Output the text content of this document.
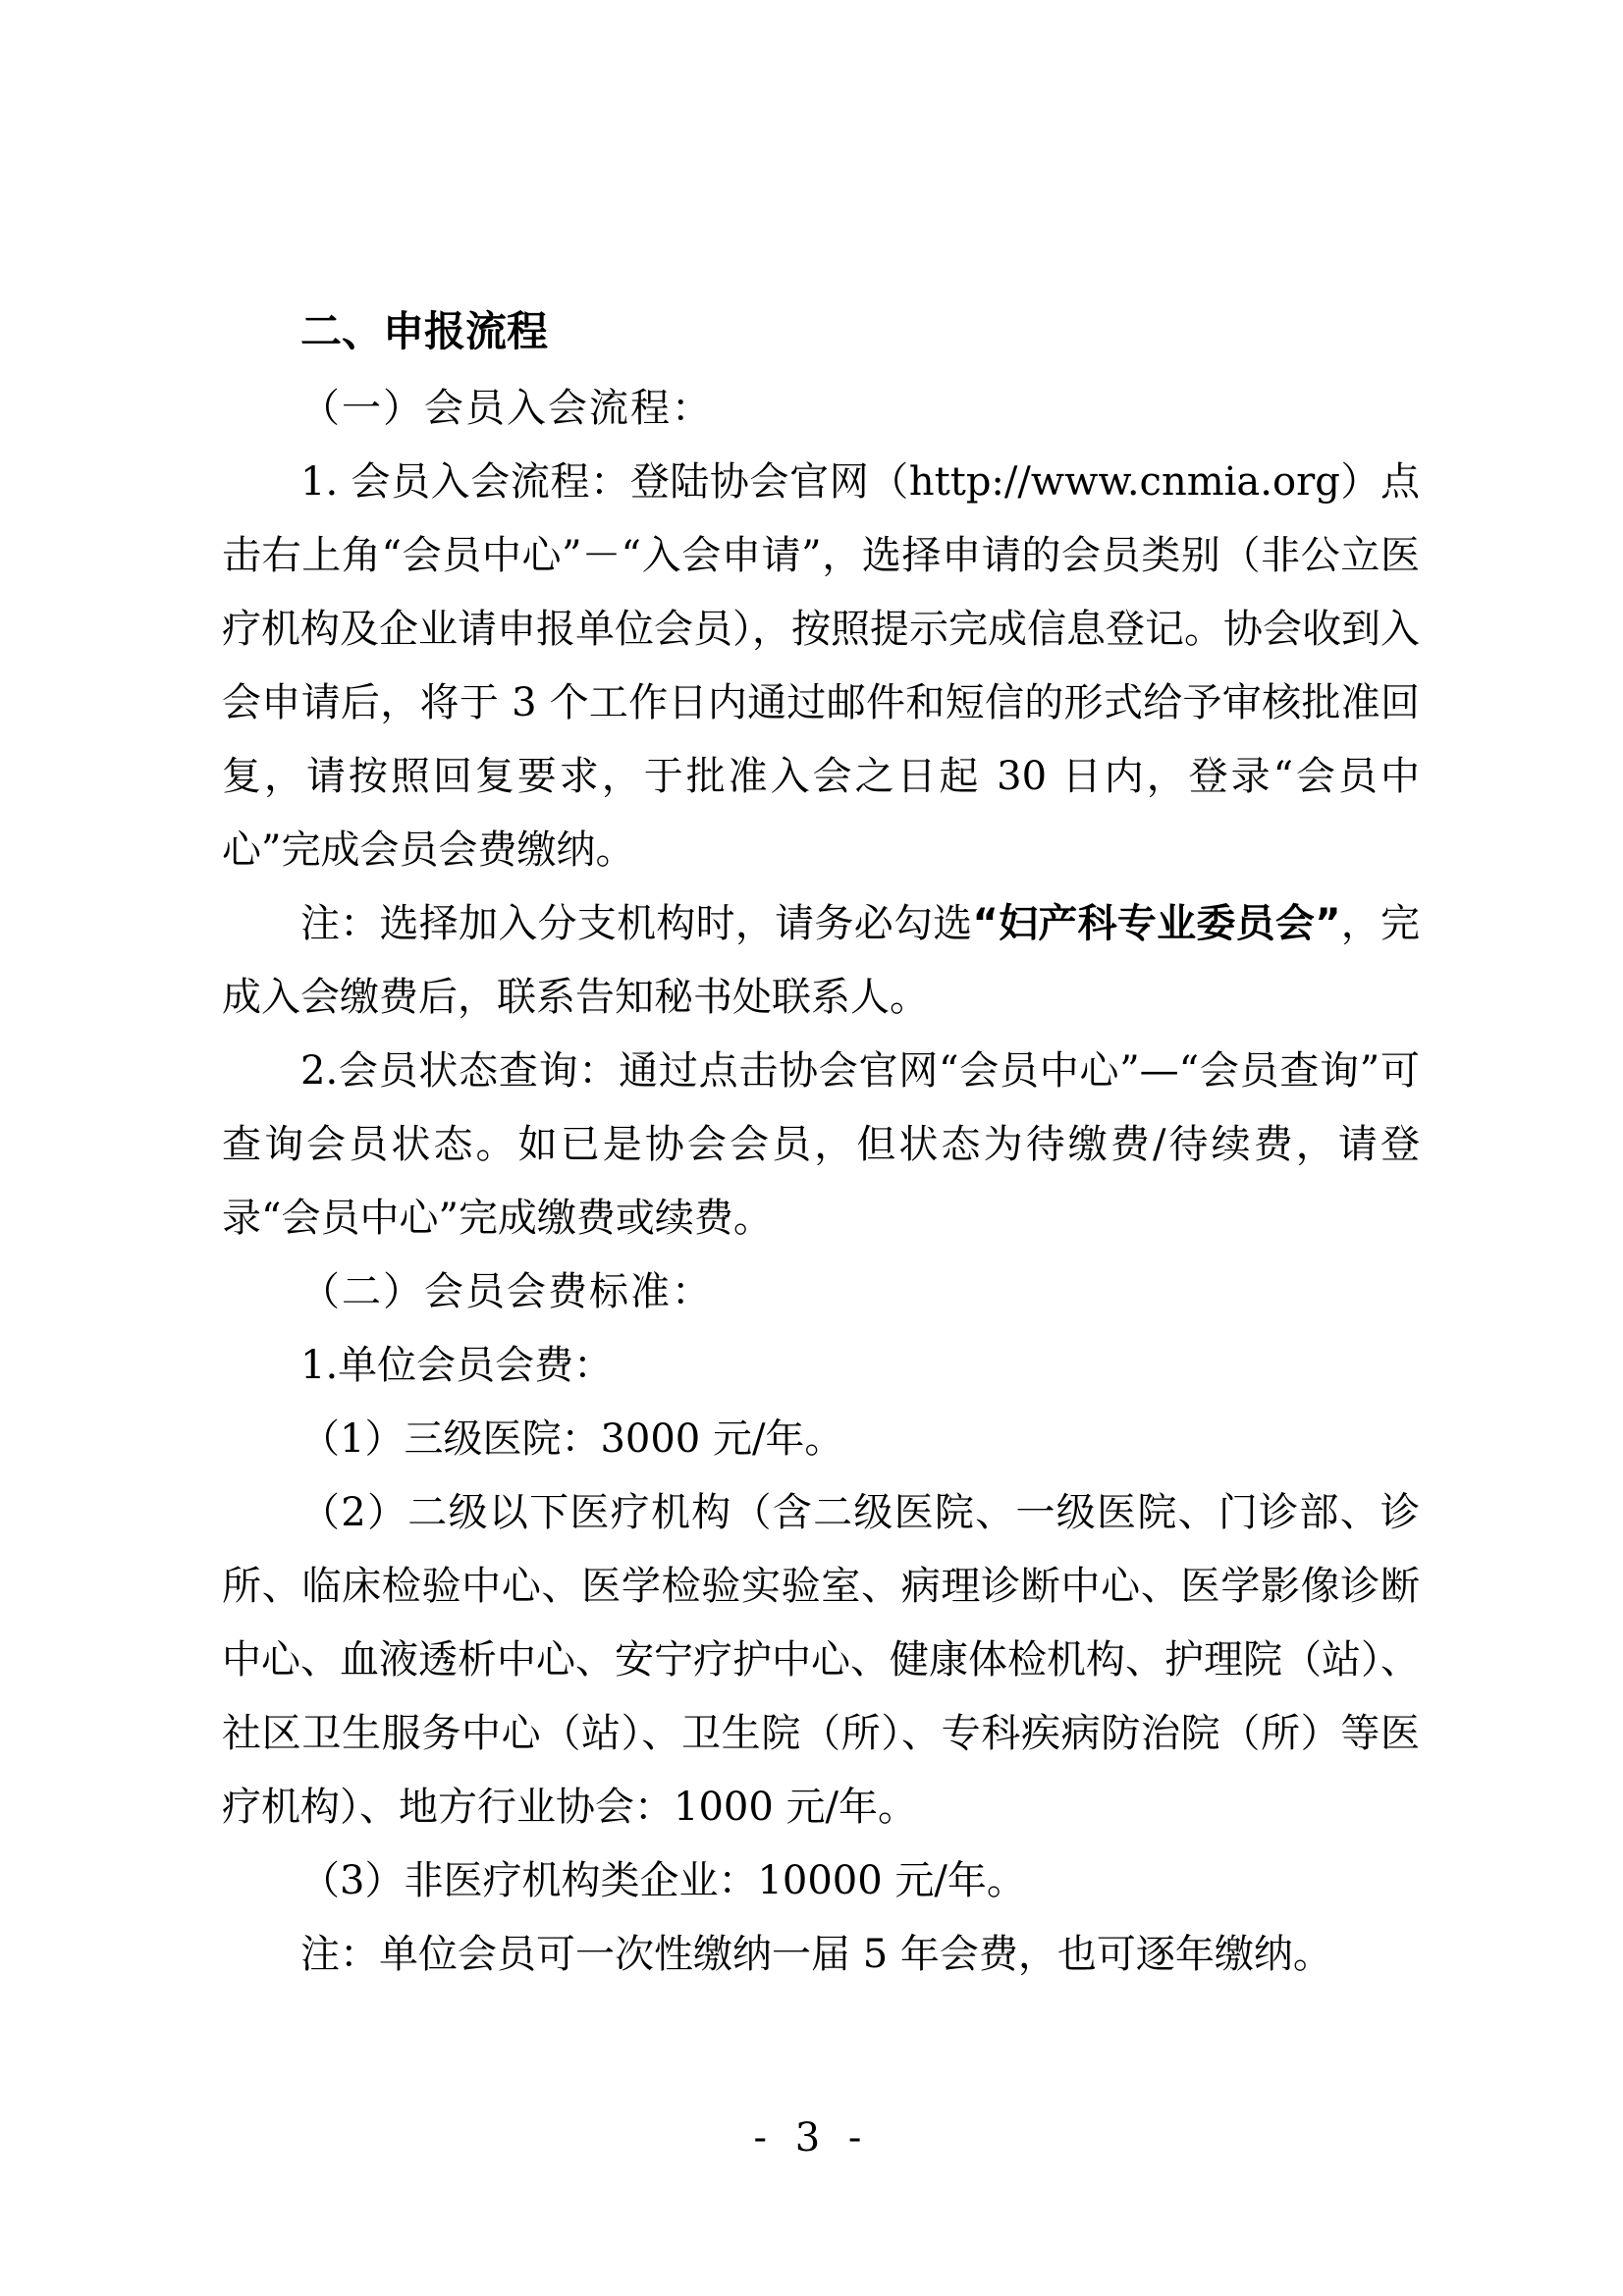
二、申报流程

（一）会员入会流程：

1. 会员入会流程：登陆协会官网（http://www.cnmia.org）点击右上角“会员中心”－“入会申请”，选择申请的会员类别（非公立医疗机构及企业请申报单位会员），按照提示完成信息登记。协会收到入会申请后，将于 3 个工作日内通过邮件和短信的形式给予审核批准回复，请按照回复要求，于批准入会之日起 30 日内，登录“会员中心”完成会员会费缴纳。

注：选择加入分支机构时，请务必勾选“妇产科专业委员会”，完成入会缴费后，联系告知秘书处联系人。

2.会员状态查询：通过点击协会官网“会员中心”—“会员查询”可查询会员状态。如已是协会会员，但状态为待缴费/待续费，请登录“会员中心”完成缴费或续费。

（二）会员会费标准：

1.单位会员会费：

（1）三级医院：3000 元/年。

（2）二级以下医疗机构（含二级医院、一级医院、门诊部、诊所、临床检验中心、医学检验实验室、病理诊断中心、医学影像诊断中心、血液透析中心、安宁疗护中心、健康体检机构、护理院（站）、社区卫生服务中心（站）、卫生院（所）、专科疾病防治院（所）等医疗机构）、地方行业协会：1000 元/年。

（3）非医疗机构类企业：10000 元/年。

注：单位会员可一次性缴纳一届 5 年会费，也可逐年缴纳。

- 3 -
